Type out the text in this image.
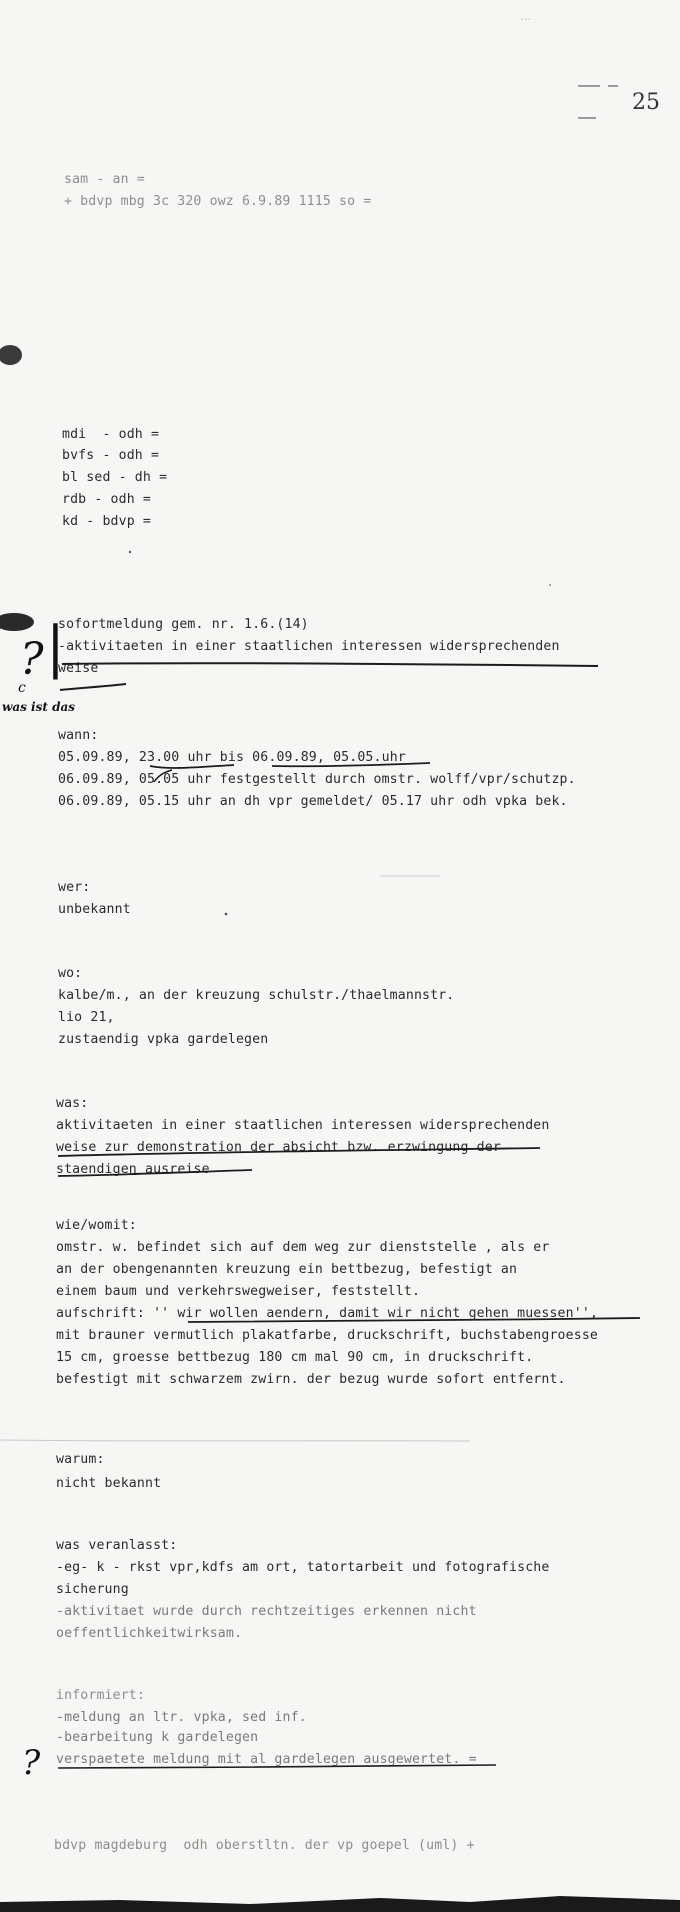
…
25
sam - an =
+ bdvp mbg 3c 320 owz 6.9.89 1115 so =
mdi  - odh =
bvfs - odh =
bl sed - dh =
rdb - odh =
kd - bdvp =
sofortmeldung gem. nr. 1.6.(14)
-aktivitaeten in einer staatlichen interessen widersprechenden
weise
? |
c
was ist das
wann:
05.09.89, 23.00 uhr bis 06.09.89, 05.05.uhr
06.09.89, 05.05 uhr festgestellt durch omstr. wolff/vpr/schutzp.
06.09.89, 05.15 uhr an dh vpr gemeldet/ 05.17 uhr odh vpka bek.
wer:
unbekannt
wo:
kalbe/m., an der kreuzung schulstr./thaelmannstr.
lio 21,
zustaendig vpka gardelegen
was:
aktivitaeten in einer staatlichen interessen widersprechenden
weise zur demonstration der absicht bzw. erzwingung der
staendigen ausreise
wie/womit:
omstr. w. befindet sich auf dem weg zur dienststelle , als er
an der obengenannten kreuzung ein bettbezug, befestigt an
einem baum und verkehrswegweiser, feststellt.
aufschrift: '' wir wollen aendern, damit wir nicht gehen muessen'',
mit brauner vermutlich plakatfarbe, druckschrift, buchstabengroesse
15 cm, groesse bettbezug 180 cm mal 90 cm, in druckschrift.
befestigt mit schwarzem zwirn. der bezug wurde sofort entfernt.
warum:
nicht bekannt
was veranlasst:
-eg- k - rkst vpr,kdfs am ort, tatortarbeit und fotografische
sicherung
-aktivitaet wurde durch rechtzeitiges erkennen nicht
oeffentlichkeitwirksam.
informiert:
-meldung an ltr. vpka, sed inf.
-bearbeitung k gardelegen
verspaetete meldung mit al gardelegen ausgewertet. =
?
bdvp magdeburg  odh oberstltn. der vp goepel (uml) +
